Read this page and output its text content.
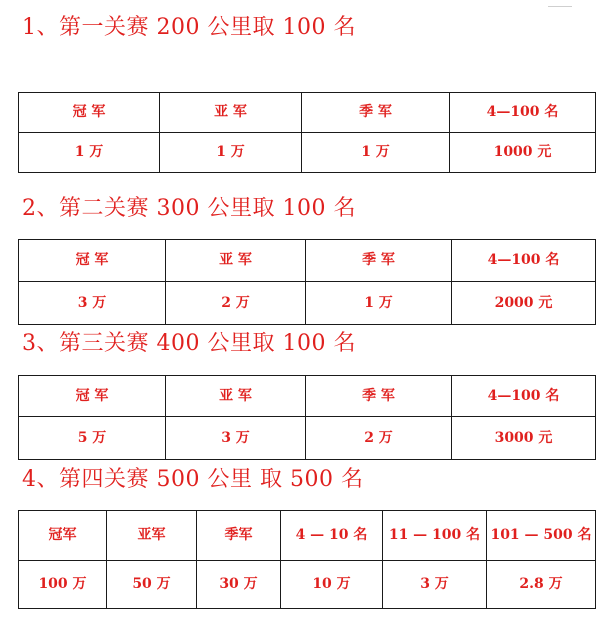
1、第一关赛 200 公里取 100 名
冠 军	亚 军	季 军	4—100 名
1 万	1 万	1 万	1000 元
2、第二关赛 300 公里取 100 名
冠 军	亚 军	季 军	4—100 名
3 万	2 万	1 万	2000 元
3、第三关赛 400 公里取 100 名
冠 军	亚 军	季 军	4—100 名
5 万	3 万	2 万	3000 元
4、第四关赛 500 公里 取 500 名
冠军	亚军	季军	4 — 10 名	11 — 100 名	101 — 500 名
100 万	50 万	30 万	10 万	3 万	2.8 万
